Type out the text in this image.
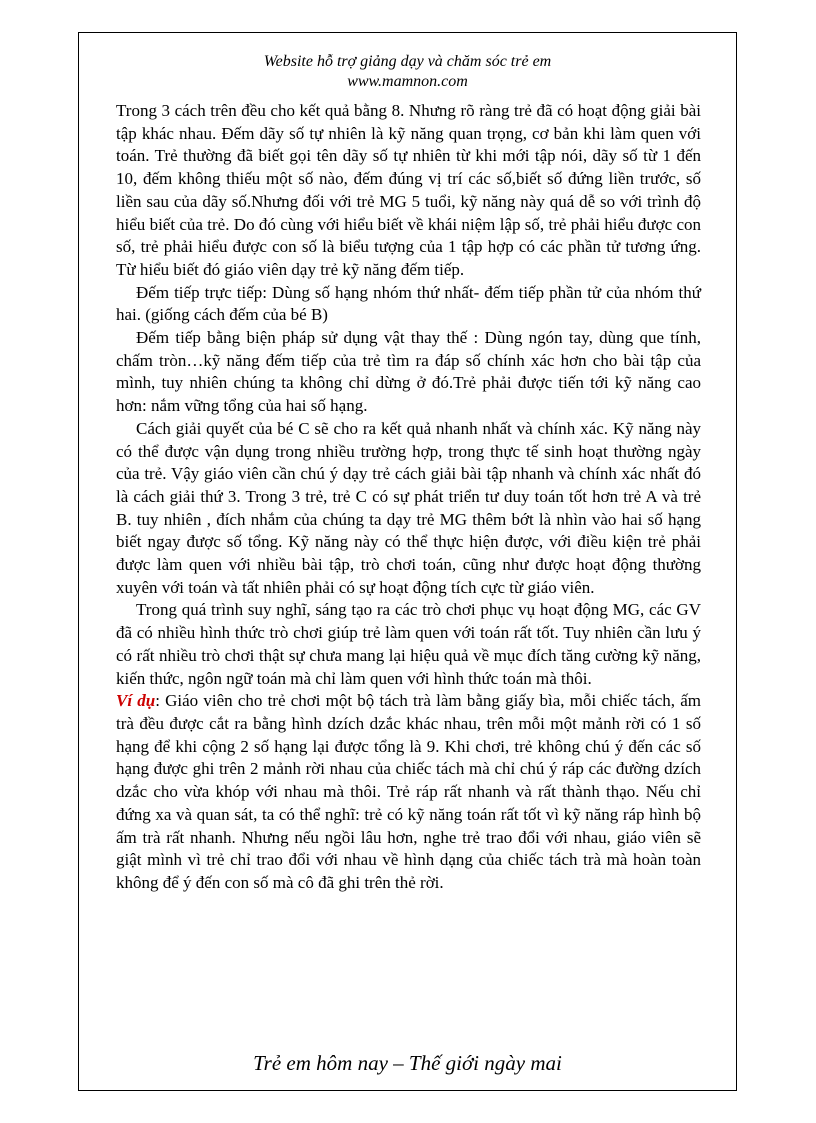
Website hỗ trợ giảng dạy và chăm sóc trẻ em
www.mamnon.com

Trong 3 cách trên đều cho kết quả bằng 8. Nhưng rõ ràng trẻ đã có hoạt động giải bài tập khác nhau. Đếm dãy số tự nhiên là kỹ năng quan trọng, cơ bản khi làm quen với toán. Trẻ thường đã biết gọi tên dãy số tự nhiên từ khi mới tập nói, dãy số từ 1 đến 10, đếm không thiếu một số nào, đếm đúng vị trí các số,biết số đứng liền trước, số liền sau của dãy số.Nhưng đối với trẻ MG 5 tuổi, kỹ năng này quá dễ so với trình độ hiểu biết của trẻ. Do đó cùng với hiểu biết về khái niệm lập số, trẻ phải hiểu được con số, trẻ phải hiểu được con số là biểu tượng của 1 tập hợp có các phần tử tương ứng. Từ hiểu biết đó giáo viên dạy trẻ kỹ năng đếm tiếp.

Đếm tiếp trực tiếp: Dùng số hạng nhóm thứ nhất- đếm tiếp phần tử của nhóm thứ hai. (giống cách đếm của bé B)

Đếm tiếp bằng biện pháp sử dụng vật thay thế : Dùng ngón tay, dùng que tính, chấm tròn…kỹ năng đếm tiếp của trẻ tìm ra đáp số chính xác hơn cho bài tập của mình, tuy nhiên chúng ta không chỉ dừng ở đó.Trẻ phải được tiến tới kỹ năng cao hơn: nắm vững tổng của hai số hạng.

Cách giải quyết của bé C sẽ cho ra kết quả nhanh nhất và chính xác. Kỹ năng này có thể được vận dụng trong nhiều trường hợp, trong thực tế sinh hoạt thường ngày của trẻ. Vậy giáo viên cần chú ý dạy trẻ cách giải bài tập nhanh và chính xác nhất đó là cách giải thứ 3. Trong 3 trẻ, trẻ C có sự phát triển tư duy toán tốt hơn trẻ A và trẻ B. tuy nhiên , đích nhắm của chúng ta dạy trẻ MG thêm bớt là nhìn vào hai số hạng biết ngay được số tổng. Kỹ năng này có thể thực hiện được, với điều kiện trẻ phải được làm quen với nhiều bài tập, trò chơi toán, cũng như được hoạt động thường xuyên với toán và tất nhiên phải có sự hoạt động tích cực từ giáo viên.

Trong quá trình suy nghĩ, sáng tạo ra các trò chơi phục vụ hoạt động MG, các GV đã có nhiều hình thức trò chơi giúp trẻ làm quen với toán rất tốt. Tuy nhiên cần lưu ý có rất nhiều trò chơi thật sự chưa mang lại hiệu quả về mục đích tăng cường kỹ năng, kiến thức, ngôn ngữ toán mà chỉ làm quen với hình thức toán mà thôi.

Ví dụ: Giáo viên cho trẻ chơi một bộ tách trà làm bằng giấy bìa, mỗi chiếc tách, ấm trà đều được cắt ra bằng hình dzích dzắc khác nhau, trên mỗi một mảnh rời có 1 số hạng để khi cộng 2 số hạng lại được tổng là 9. Khi chơi, trẻ không chú ý đến các số hạng được ghi trên 2 mảnh rời nhau của chiếc tách mà chỉ chú ý ráp các đường dzích dzắc cho vừa khóp với nhau mà thôi. Trẻ ráp rất nhanh và rất thành thạo. Nếu chỉ đứng xa và quan sát, ta có thể nghĩ: trẻ có kỹ năng toán rất tốt vì kỹ năng ráp hình bộ ấm trà rất nhanh. Nhưng nếu ngồi lâu hơn, nghe trẻ trao đổi với nhau, giáo viên sẽ giật mình vì trẻ chỉ trao đổi với nhau về hình dạng của chiếc tách trà mà hoàn toàn không để ý đến con số mà cô đã ghi trên thẻ rời.

Trẻ em hôm nay – Thế giới ngày mai
